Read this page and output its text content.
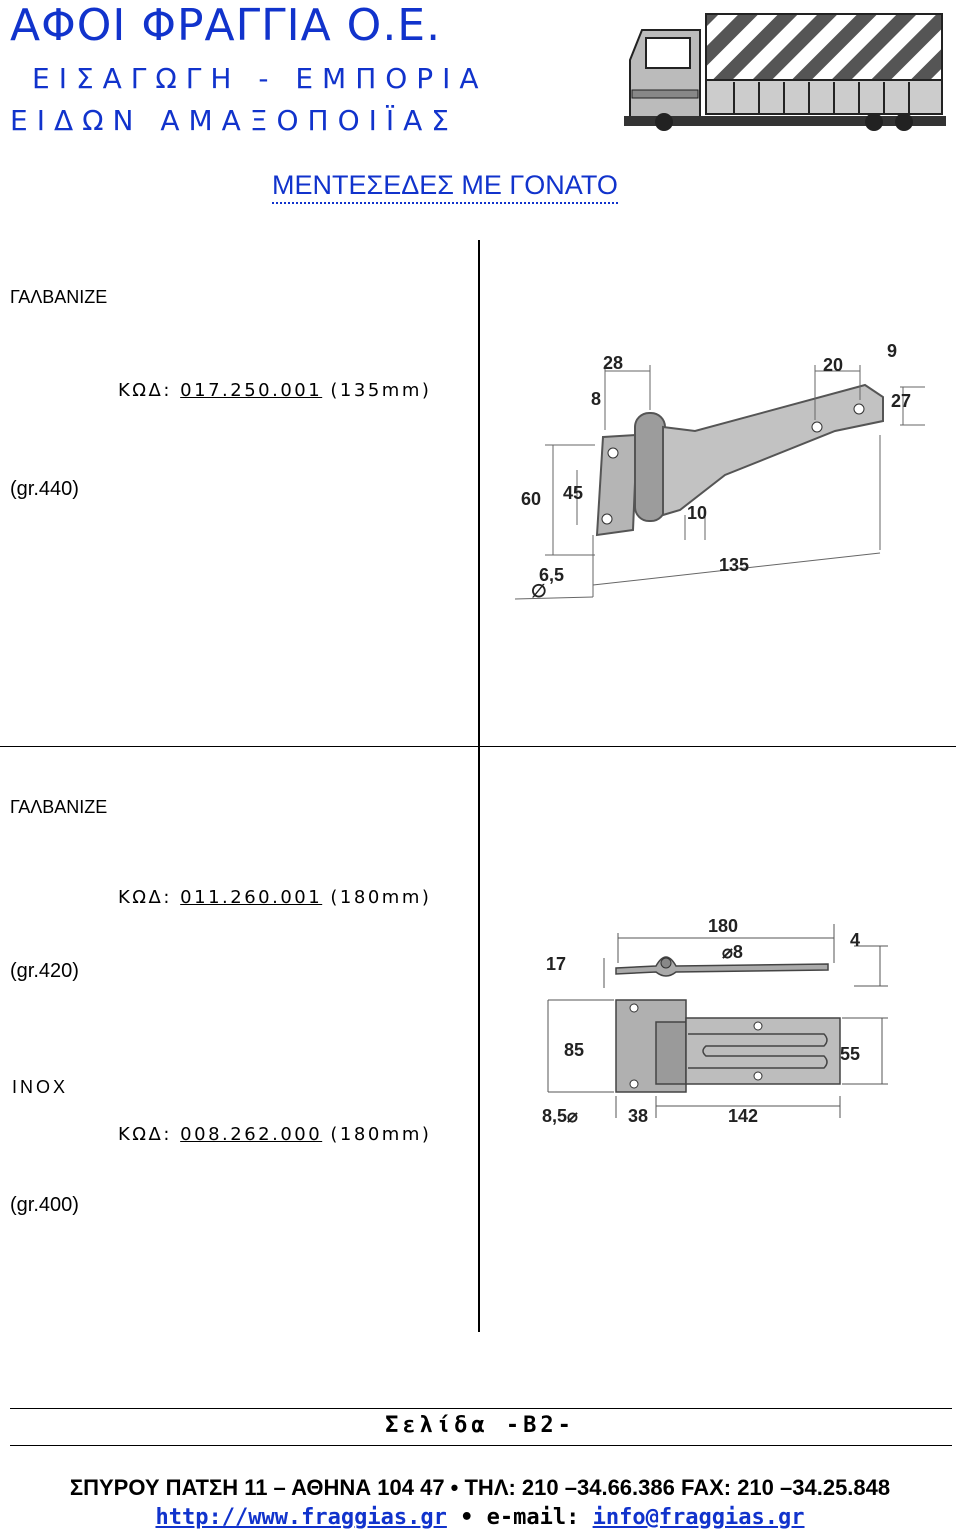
ΑΦΟΙ ΦΡΑΓΓΙΑ Ο.Ε.
ΕΙΣΑΓΩΓΗ - ΕΜΠΟΡΙΑ
ΕΙΔΩΝ ΑΜΑΞΟΠΟΙΪΑΣ
ΜΕΝΤΕΣΕΔΕΣ ΜΕ ΓΟΝΑΤΟ
ΓΑΛΒΑΝΙΖΕ
ΚΩΔ: 017.250.001 (135mm)
(gr.440)
ΓΑΛΒΑΝΙΖΕ
ΚΩΔ: 011.260.001 (180mm)
(gr.420)
INOX
ΚΩΔ: 008.262.000 (180mm)
(gr.400)
28
8
20
9
27
60 45
10
135
6,5
∅
180
4
17
⌀8
85	55
8,5⌀	38	142
Σελίδα -Β2-
ΣΠΥΡΟΥ ΠΑΤΣΗ 11 – ΑΘΗΝΑ 104 47 • ΤΗΛ: 210 –34.66.386 FAX: 210 –34.25.848
http://www.fraggias.gr • e-mail: info@fraggias.gr
